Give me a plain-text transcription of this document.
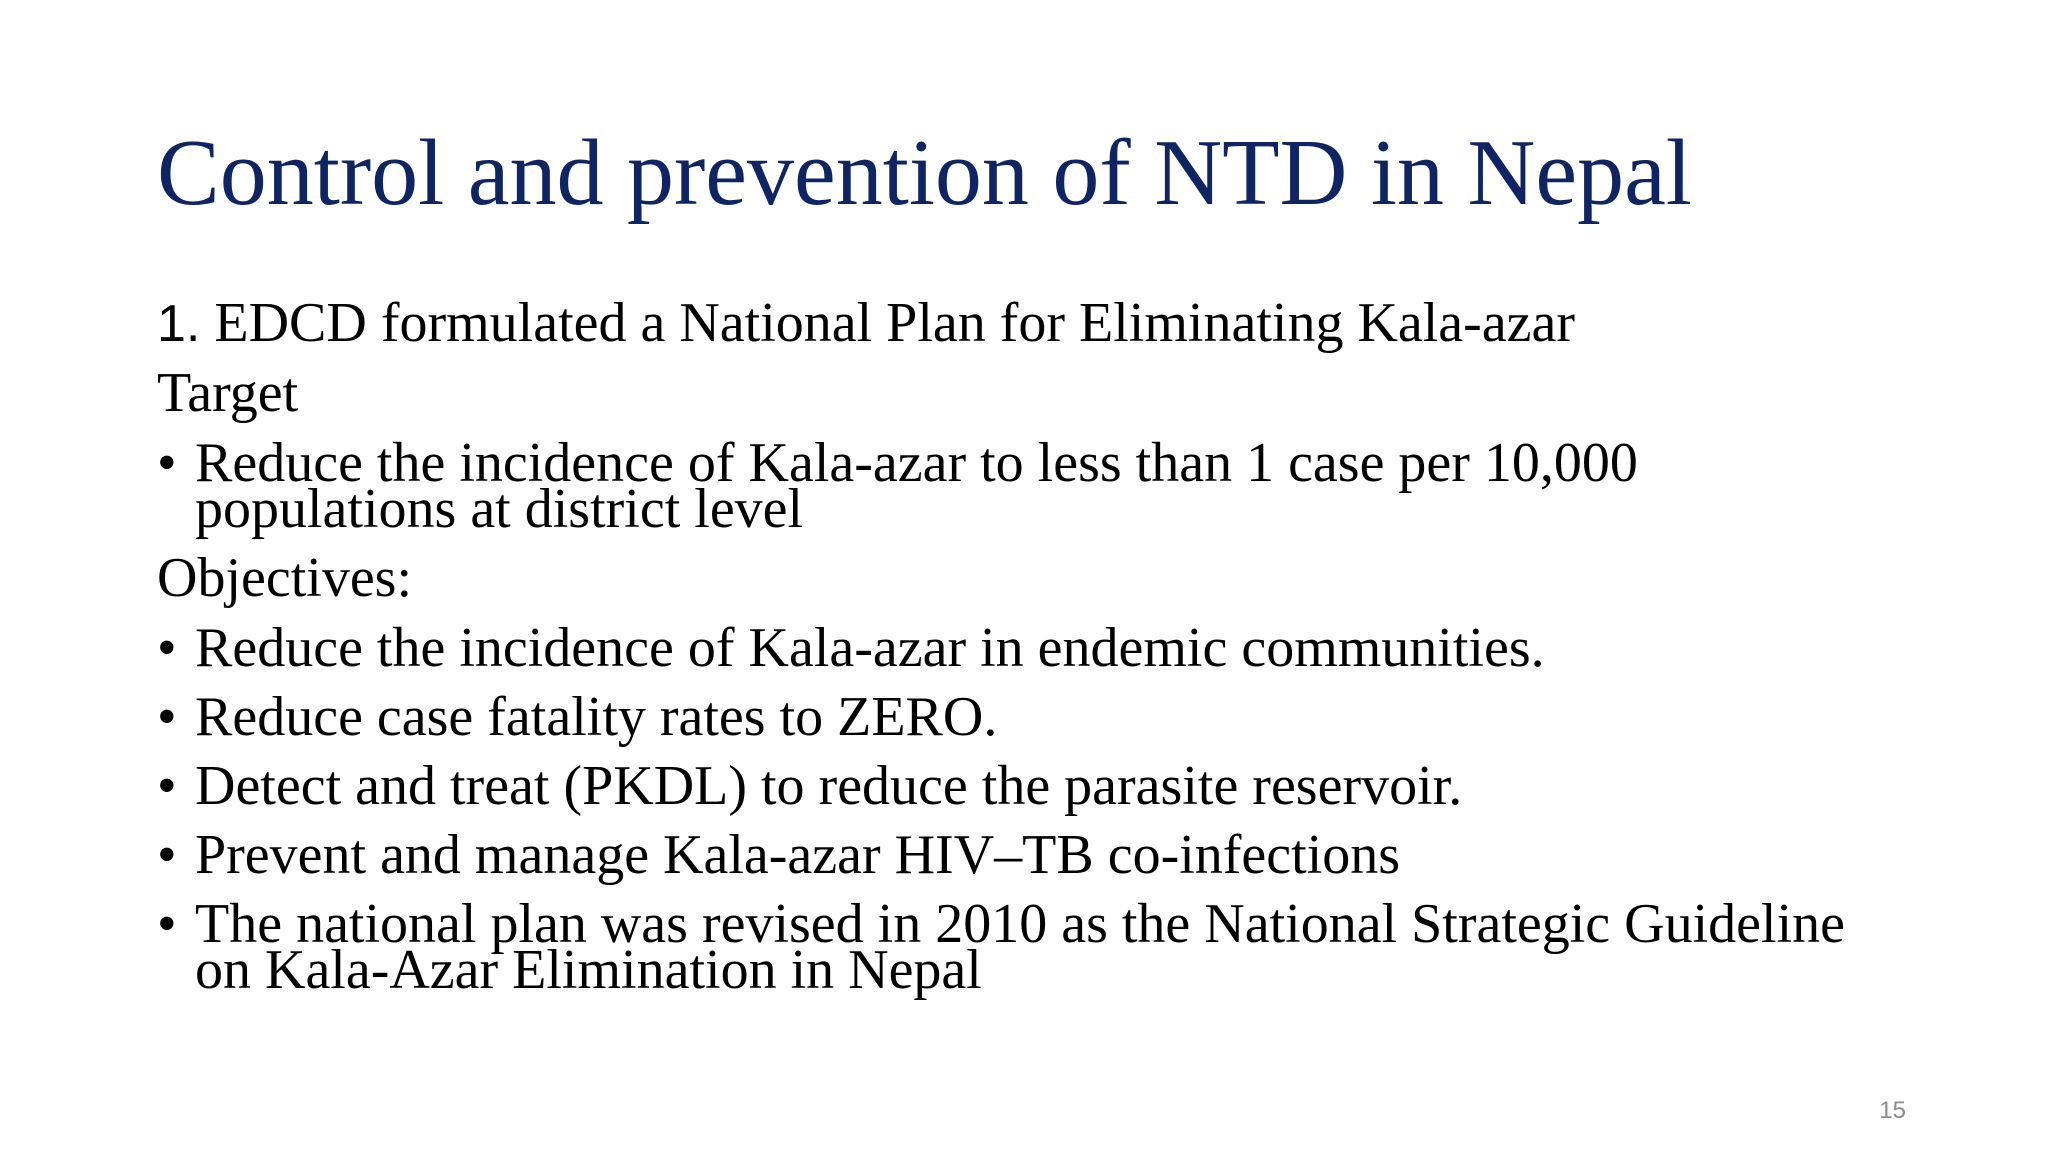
Control and prevention of NTD in Nepal
1. EDCD formulated a National Plan for Eliminating Kala-azar
Target
• Reduce the incidence of Kala-azar to less than 1 case per 10,000
populations at district level
Objectives:
• Reduce the incidence of Kala-azar in endemic communities.
• Reduce case fatality rates to ZERO.
• Detect and treat (PKDL) to reduce the parasite reservoir.
• Prevent and manage Kala-azar HIV–TB co-infections
• The national plan was revised in 2010 as the National Strategic Guideline
on Kala-Azar Elimination in Nepal
15
